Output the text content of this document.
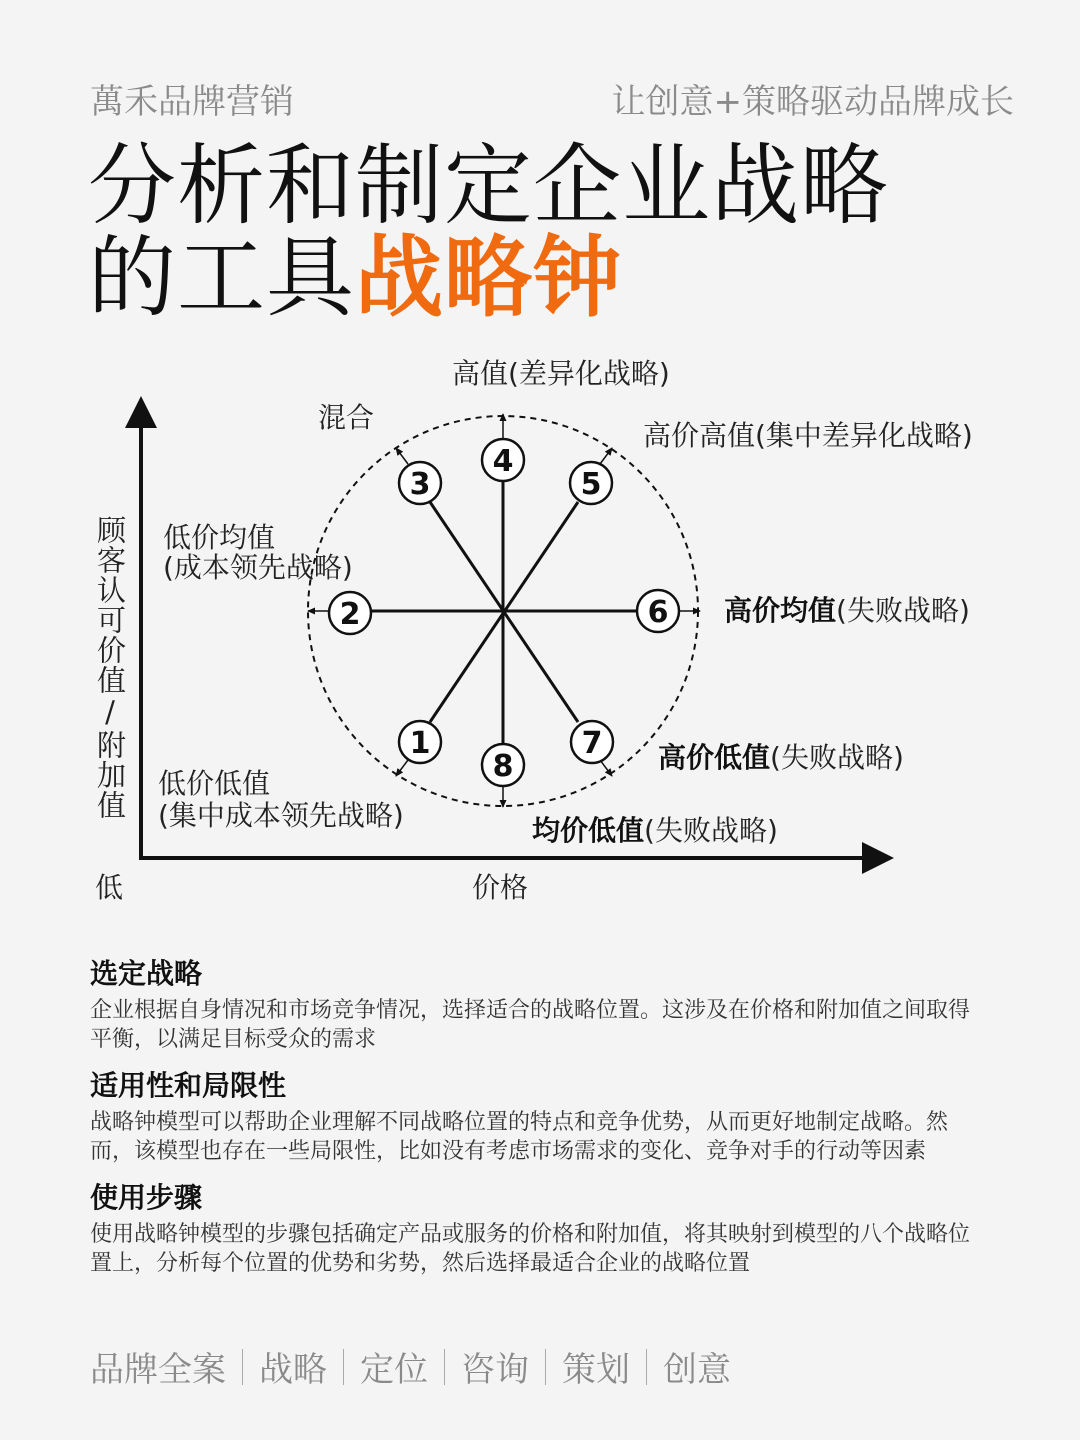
萬禾品牌营销	让创意+策略驱动品牌成长
分析和制定企业战略
的工具战略钟
4
3	5
2	6
1	7
8
高值(差异化战略)
混合
高价高值(集中差异化战略)
低价均值
(成本领先战略)
高价均值(失败战略)
高价低值(失败战略)
低价低值
(集中成本领先战略)	均价低值(失败战略)
价格
低
顾客认可价值/附加值
选定战略
企业根据自身情况和市场竞争情况，选择适合的战略位置。这涉及在价格和附加值之间取得平衡，以满足目标受众的需求
适用性和局限性
战略钟模型可以帮助企业理解不同战略位置的特点和竞争优势，从而更好地制定战略。然而，该模型也存在一些局限性，比如没有考虑市场需求的变化、竞争对手的行动等因素
使用步骤
使用战略钟模型的步骤包括确定产品或服务的价格和附加值，将其映射到模型的八个战略位置上，分析每个位置的优势和劣势，然后选择最适合企业的战略位置
品牌全案 战略 定位 咨询 策划 创意
